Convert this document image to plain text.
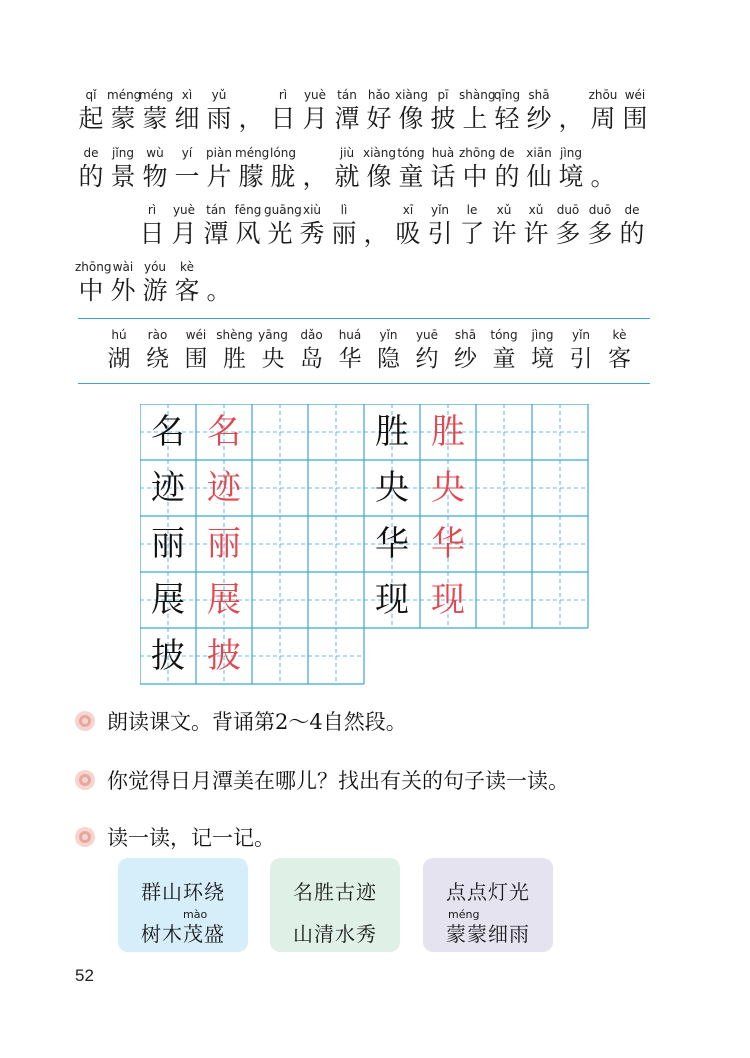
qǐ
起
méng
蒙
méng
蒙
xì
细
yǔ
雨 ，
rì
日
yuè
月
tán
潭
hǎo
好
xiàng
像
pī
披
shàng
上
qīng
轻
shā
纱 ，
zhōu
周
wéi
围
de
的
jǐng
景
wù
物
yí
一
piàn
片
méng
朦
lóng
胧 ，
jiù
就
xiàng
像
tóng
童
huà
话
zhōng
中
de
的
xiān
仙
jìng
境 。
rì
日
yuè
月
tán
潭
fēng
风
guāng
光
xiù
秀
lì
丽 ，
xī
吸
yǐn
引
le
了
xǔ
许
xǔ
许
duō
多
duō
多
de
的
zhōng
中
wài
外
yóu
游
kè
客 。
hú
湖
rào
绕
wéi
围
shèng
胜
yāng
央
dǎo
岛
huá
华
yǐn
隐
yuē
约
shā
纱
tóng
童
jìng
境
yǐn
引
kè
客
名 名
迹 迹
丽 丽
展 展
披 披
胜 胜
央 央
华 华
现 现
朗读课文。背诵第2～4自然段。
你觉得日月潭美在哪儿？找出有关的句子读一读。
读一读，记一记。
群山环绕
mào
树木茂盛
名胜古迹
山清水秀
点点灯光
méng
蒙蒙细雨
52
